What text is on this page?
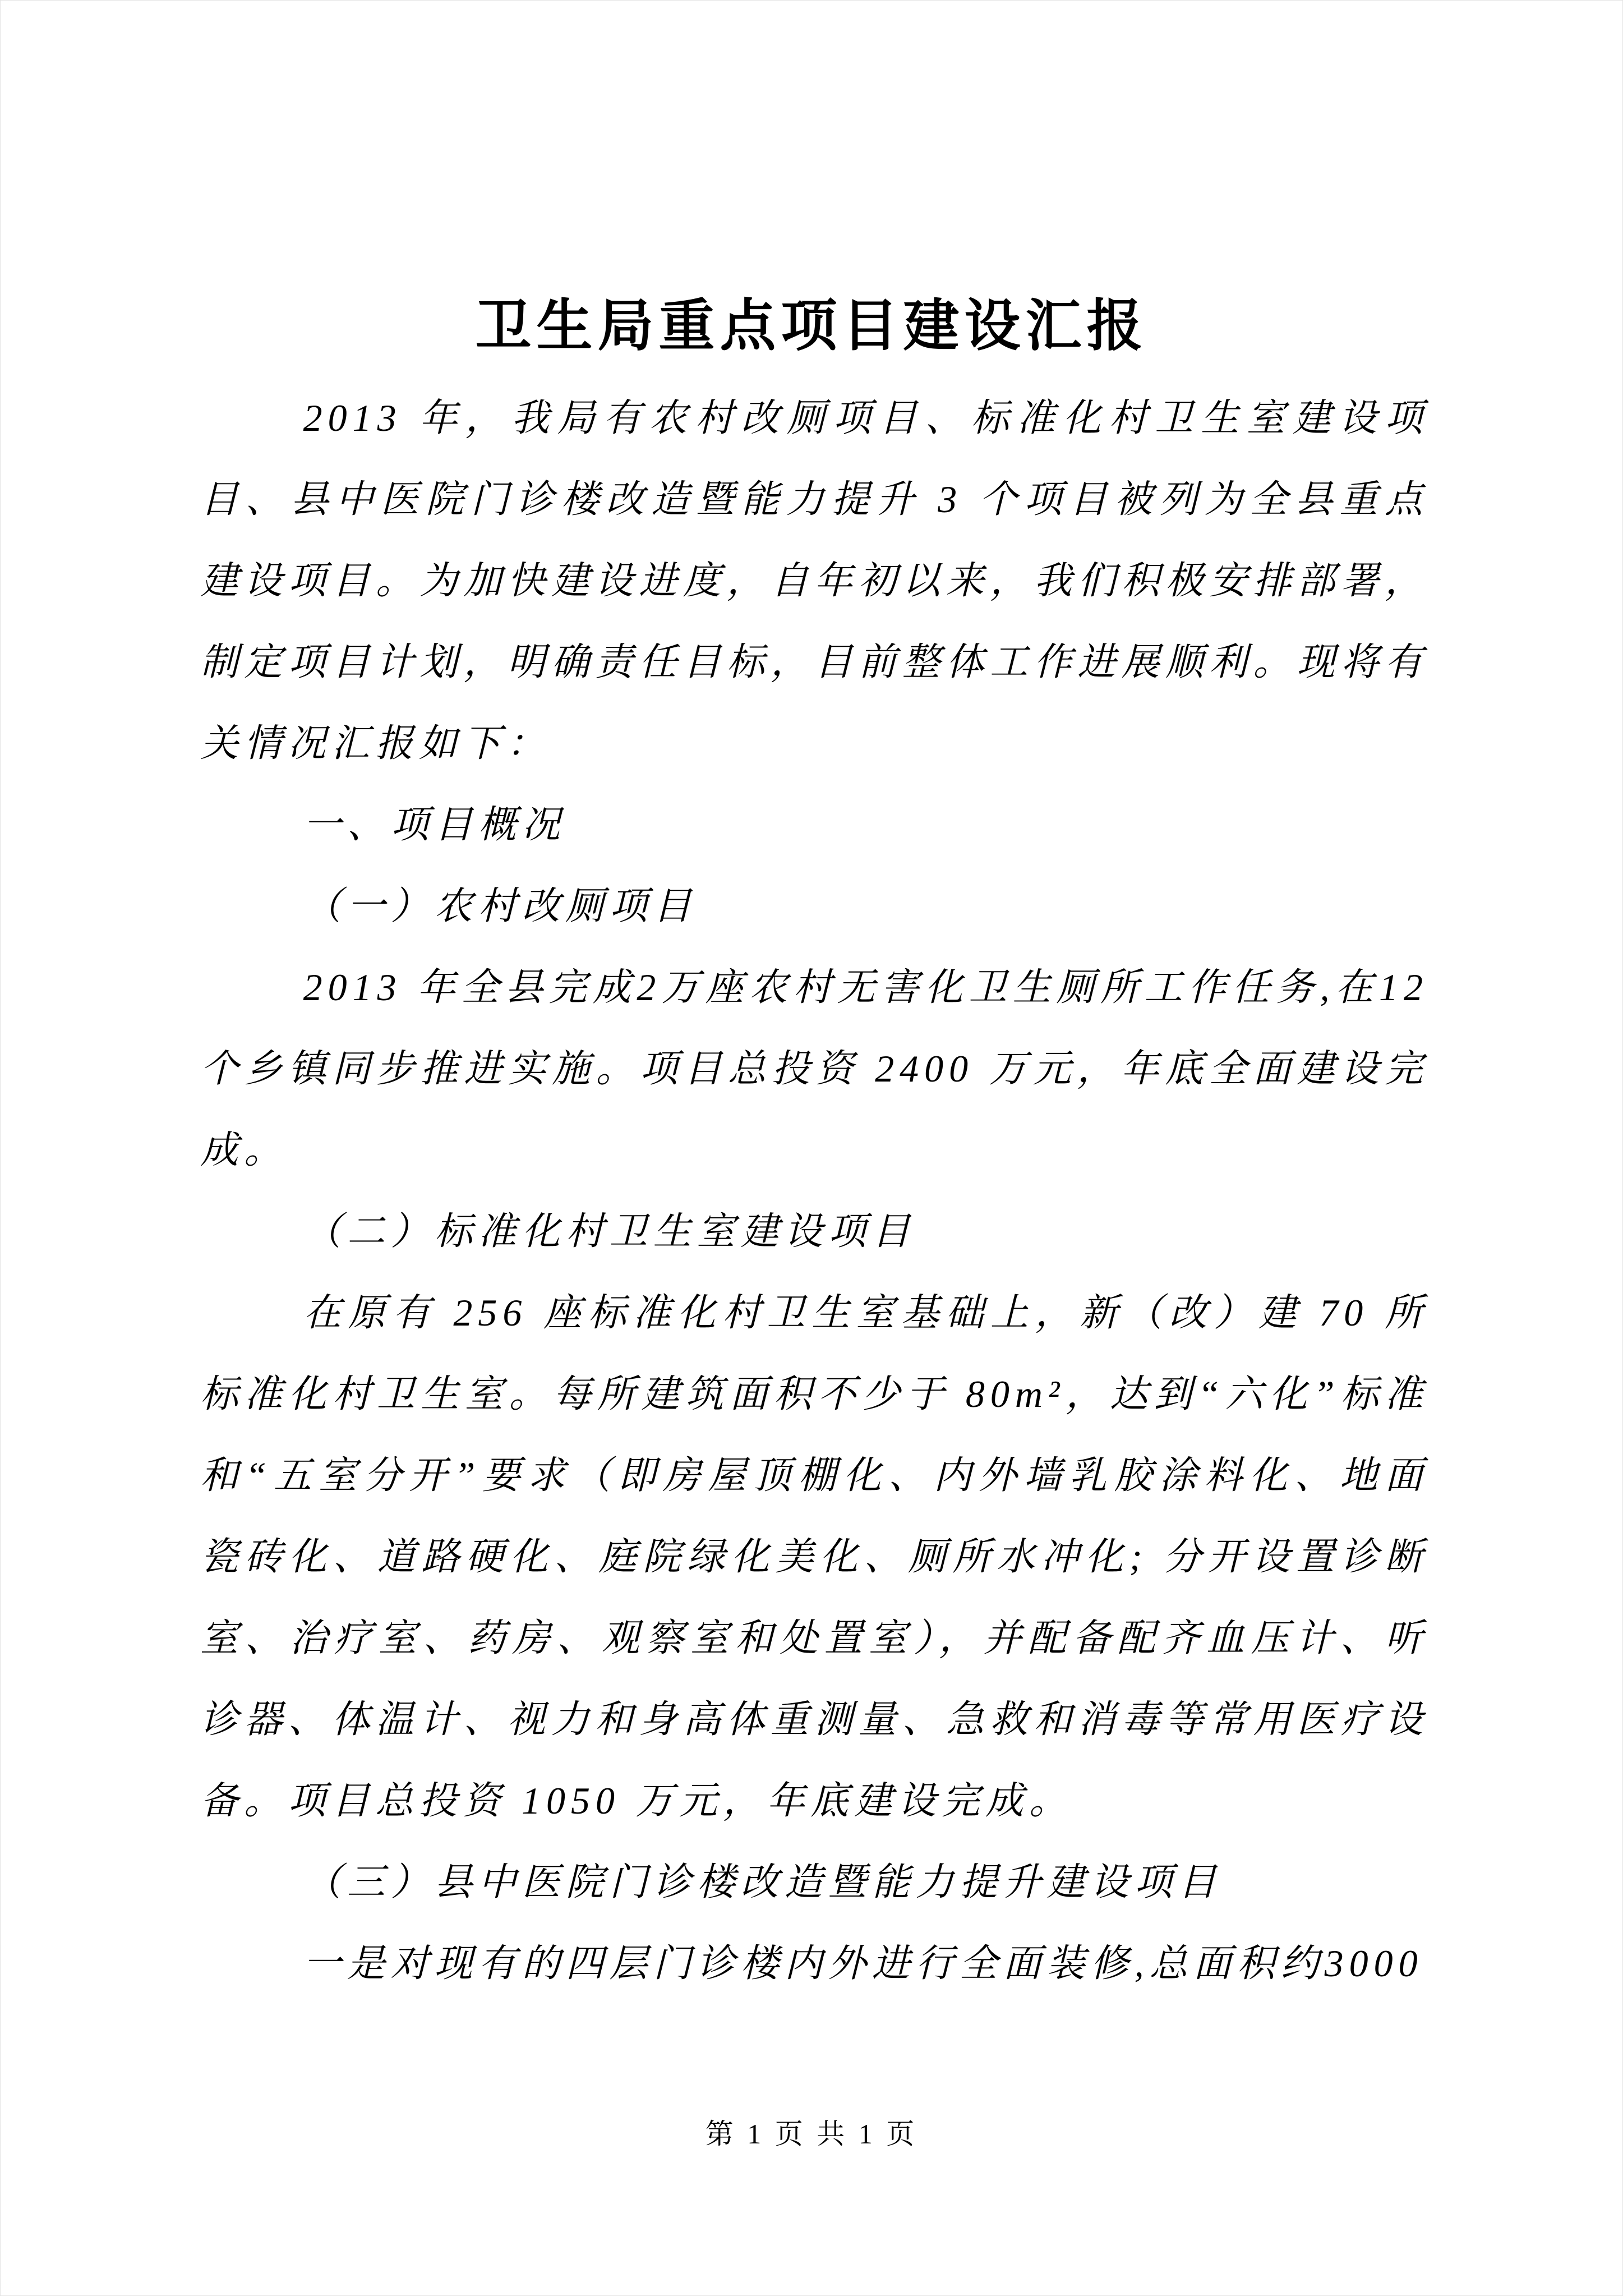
卫生局重点项目建设汇报

2013 年，我局有农村改厕项目、标准化村卫生室建设项目、县中医院门诊楼改造暨能力提升 3 个项目被列为全县重点建设项目。为加快建设进度，自年初以来，我们积极安排部署，制定项目计划，明确责任目标，目前整体工作进展顺利。现将有关情况汇报如下：

一、项目概况

（一）农村改厕项目

2013 年全县完成2万座农村无害化卫生厕所工作任务,在12个乡镇同步推进实施。项目总投资 2400 万元，年底全面建设完成。

（二）标准化村卫生室建设项目

在原有 256 座标准化村卫生室基础上，新（改）建 70 所标准化村卫生室。每所建筑面积不少于 80m²，达到“六化”标准和“五室分开”要求（即房屋顶棚化、内外墙乳胶涂料化、地面瓷砖化、道路硬化、庭院绿化美化、厕所水冲化; 分开设置诊断室、治疗室、药房、观察室和处置室），并配备配齐血压计、听诊器、体温计、视力和身高体重测量、急救和消毒等常用医疗设备。项目总投资 1050 万元，年底建设完成。

（三）县中医院门诊楼改造暨能力提升建设项目

一是对现有的四层门诊楼内外进行全面装修,总面积约3000

第 1 页 共 1 页
